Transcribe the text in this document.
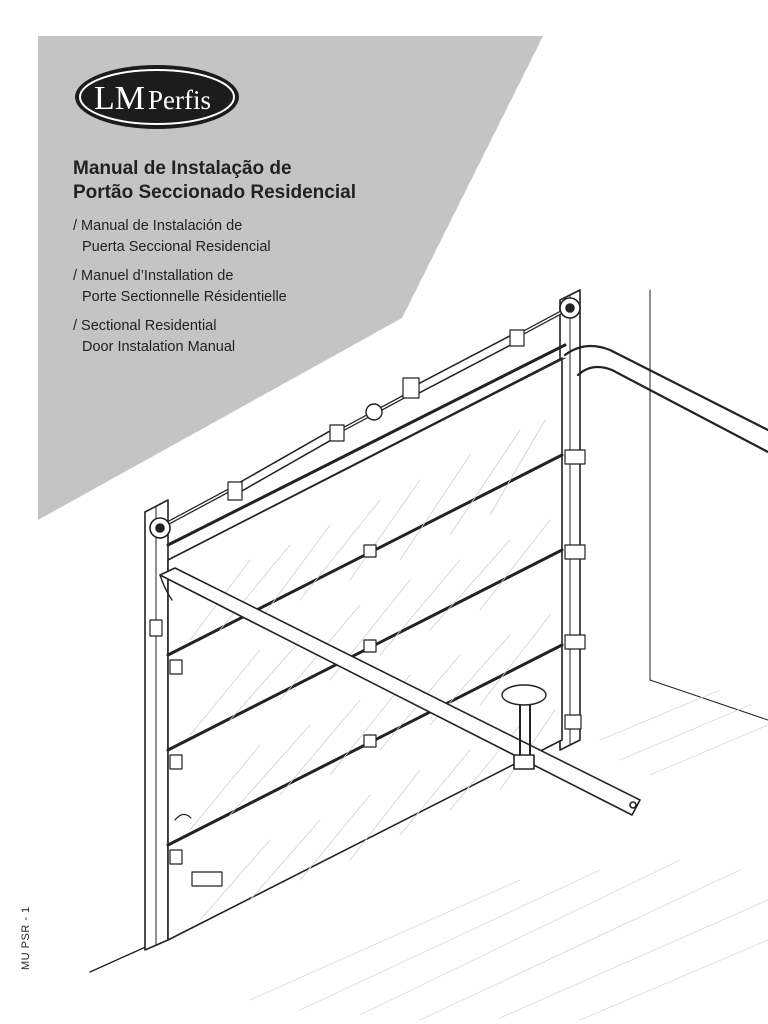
LM Perfis
Manual de Instalação de
Portão Seccionado Residencial
/ Manual de Instalación de
Puerta Seccional Residencial
/ Manuel d’Installation de
Porte Sectionnelle Résidentielle
/ Sectional Residential
Door Instalation Manual
MU PSR - 1
